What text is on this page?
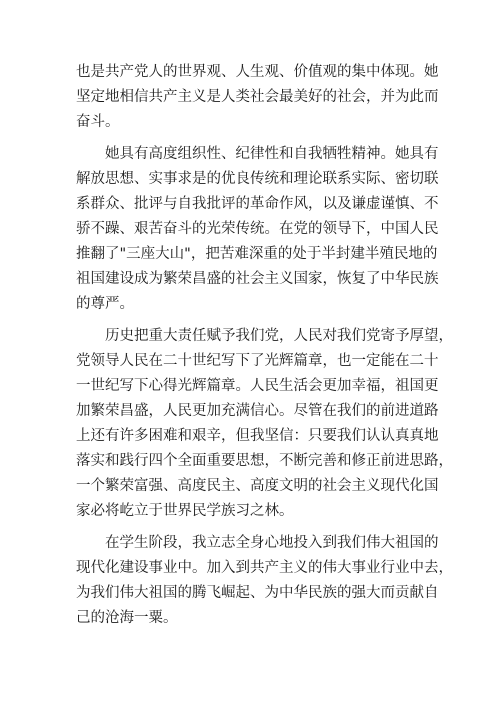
也是共产党人的世界观、人生观、价值观的集中体现。她
坚定地相信共产主义是人类社会最美好的社会，并为此而
奋斗。
她具有高度组织性、纪律性和自我牺牲精神。她具有
解放思想、实事求是的优良传统和理论联系实际、密切联
系群众、批评与自我批评的革命作风，以及谦虚谨慎、不
骄不躁、艰苦奋斗的光荣传统。在党的领导下，中国人民
推翻了"三座大山"，把苦难深重的处于半封建半殖民地的
祖国建设成为繁荣昌盛的社会主义国家，恢复了中华民族
的尊严。
历史把重大责任赋予我们党，人民对我们党寄予厚望，
党领导人民在二十世纪写下了光辉篇章，也一定能在二十
一世纪写下心得光辉篇章。人民生活会更加幸福，祖国更
加繁荣昌盛，人民更加充满信心。尽管在我们的前进道路
上还有许多困难和艰辛，但我坚信：只要我们认认真真地
落实和践行四个全面重要思想，不断完善和修正前进思路，
一个繁荣富强、高度民主、高度文明的社会主义现代化国
家必将屹立于世界民学族习之林。
在学生阶段，我立志全身心地投入到我们伟大祖国的
现代化建设事业中。加入到共产主义的伟大事业行业中去，
为我们伟大祖国的腾飞崛起、为中华民族的强大而贡献自
己的沧海一粟。
